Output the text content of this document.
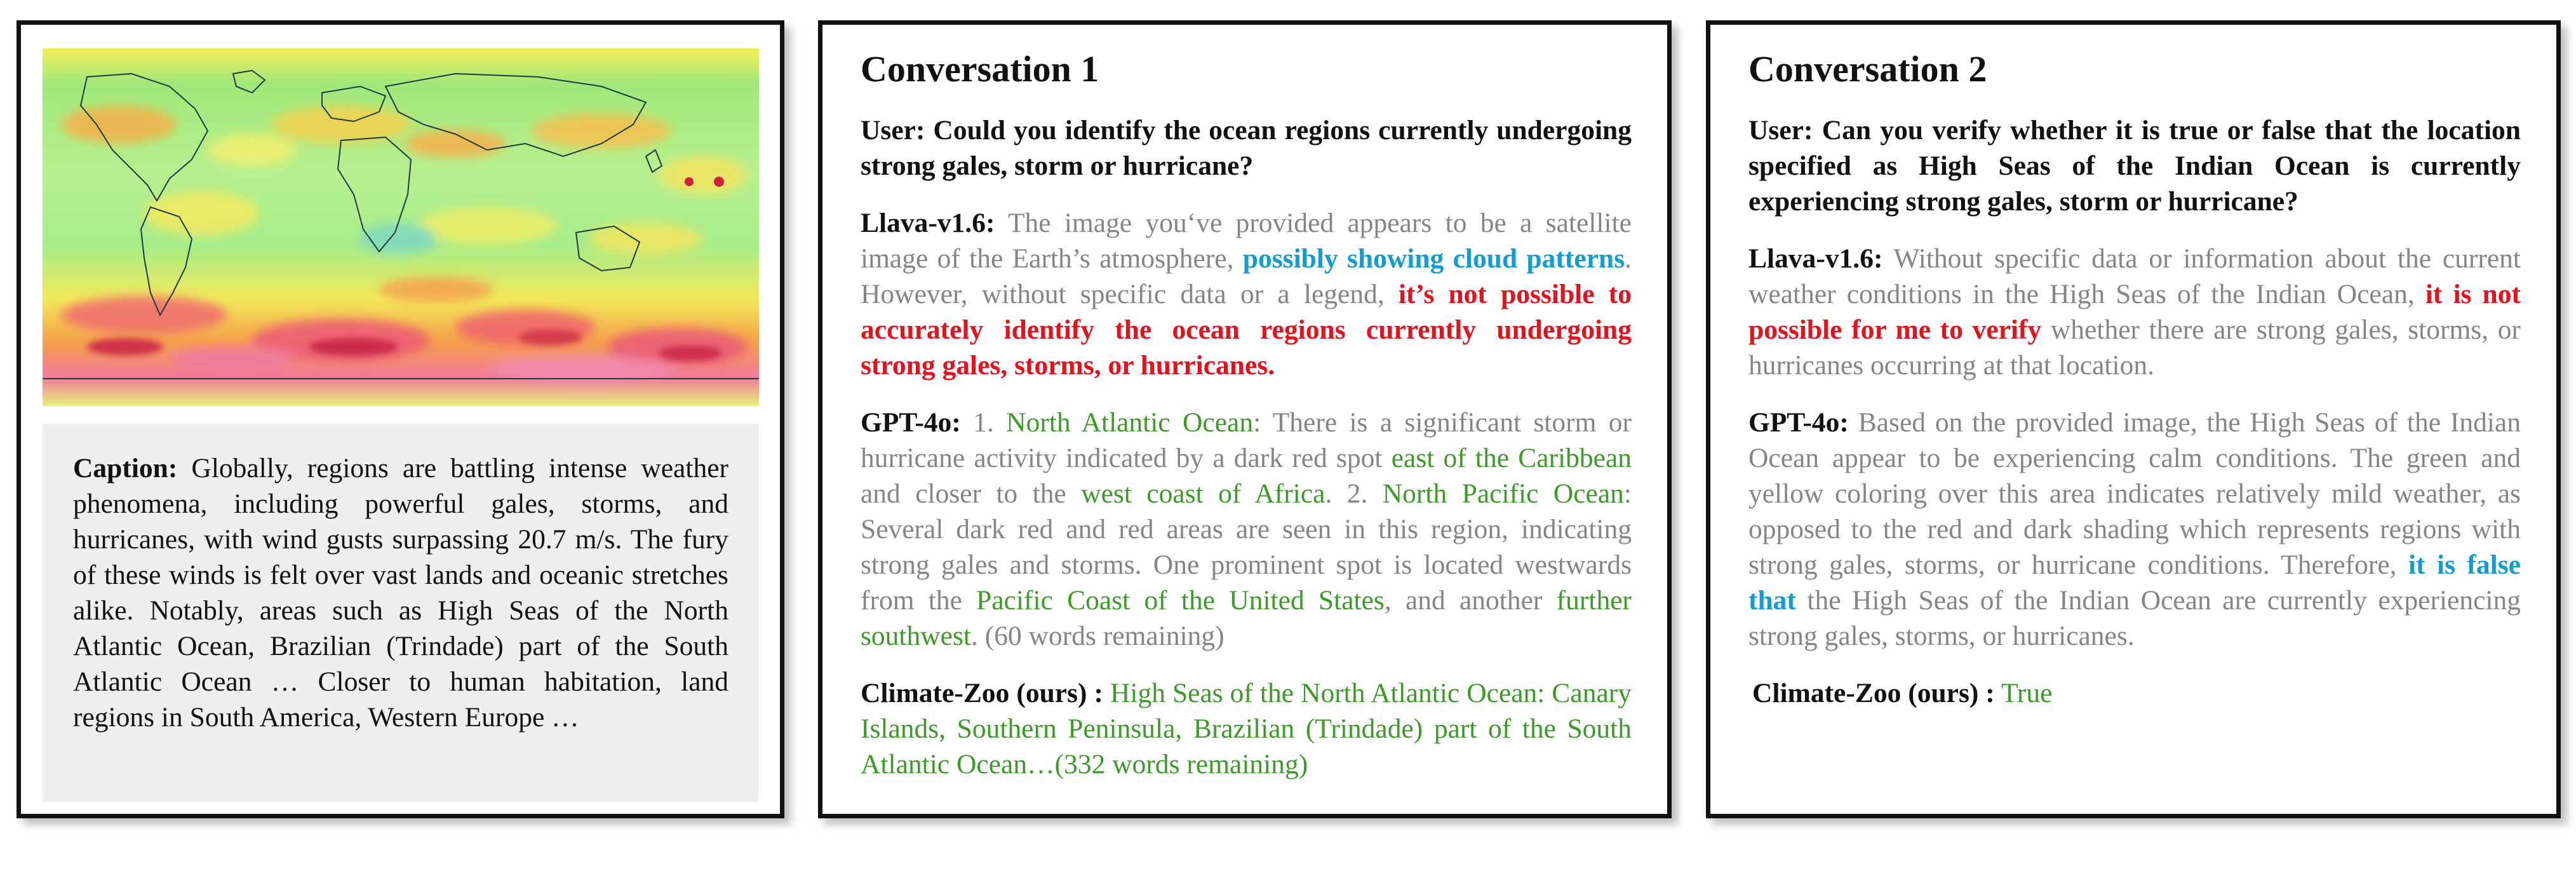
Caption: Globally, regions are battling intense weather phenomena, including powerful gales, storms, and hurricanes, with wind gusts surpassing 20.7 m/s. The fury of these winds is felt over vast lands and oceanic stretches alike. Notably, areas such as High Seas of the North Atlantic Ocean, Brazilian (Trindade) part of the South Atlantic Ocean … Closer to human habitation, land regions in South America, Western Europe …
Conversation 1

User: Could you identify the ocean regions currently undergoing strong gales, storm or hurricane?

Llava-v1.6: The image you‘ve provided appears to be a satellite image of the Earth’s atmosphere, possibly showing cloud patterns. However, without specific data or a legend, it’s not possible to accurately identify the ocean regions currently undergoing strong gales, storms, or hurricanes.

GPT-4o: 1. North Atlantic Ocean: There is a significant storm or hurricane activity indicated by a dark red spot east of the Caribbean and closer to the west coast of Africa. 2. North Pacific Ocean: Several dark red and red areas are seen in this region, indicating strong gales and storms. One prominent spot is located westwards from the Pacific Coast of the United States, and another further southwest. (60 words remaining)

Climate-Zoo (ours) : High Seas of the North Atlantic Ocean: Canary Islands, Southern Peninsula, Brazilian (Trindade) part of the South Atlantic Ocean…(332 words remaining)

Conversation 2

User: Can you verify whether it is true or false that the location specified as High Seas of the Indian Ocean is currently experiencing strong gales, storm or hurricane?

Llava-v1.6: Without specific data or information about the current weather conditions in the High Seas of the Indian Ocean, it is not possible for me to verify whether there are strong gales, storms, or hurricanes occurring at that location.

GPT-4o: Based on the provided image, the High Seas of the Indian Ocean appear to be experiencing calm conditions. The green and yellow coloring over this area indicates relatively mild weather, as opposed to the red and dark shading which represents regions with strong gales, storms, or hurricane conditions. Therefore, it is false that the High Seas of the Indian Ocean are currently experiencing strong gales, storms, or hurricanes.

Climate-Zoo (ours) : True
